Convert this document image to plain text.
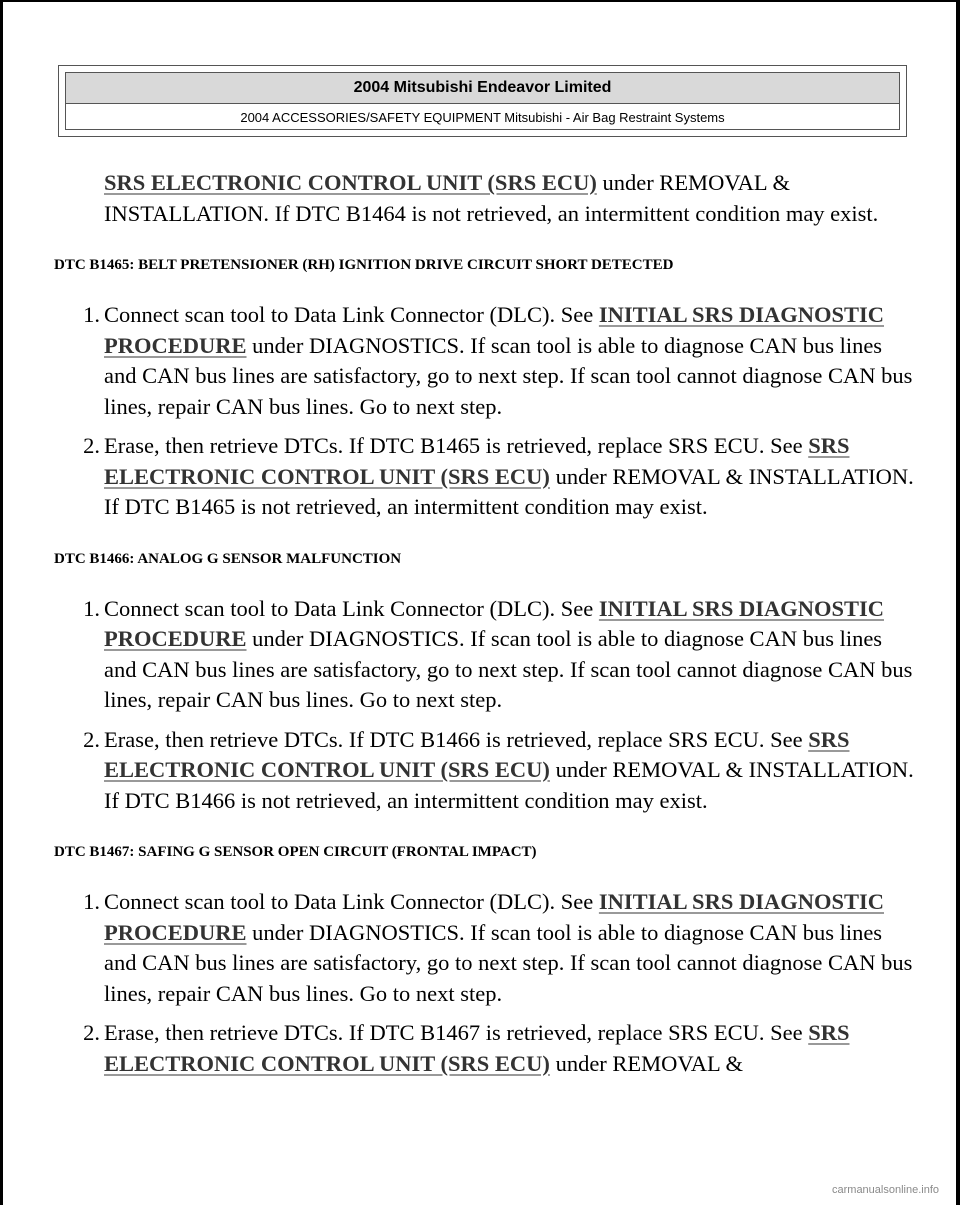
2004 Mitsubishi Endeavor Limited
2004 ACCESSORIES/SAFETY EQUIPMENT Mitsubishi - Air Bag Restraint Systems
SRS ELECTRONIC CONTROL UNIT (SRS ECU) under REMOVAL & INSTALLATION. If DTC B1464 is not retrieved, an intermittent condition may exist.
DTC B1465: BELT PRETENSIONER (RH) IGNITION DRIVE CIRCUIT SHORT DETECTED
1. Connect scan tool to Data Link Connector (DLC). See INITIAL SRS DIAGNOSTIC PROCEDURE under DIAGNOSTICS. If scan tool is able to diagnose CAN bus lines and CAN bus lines are satisfactory, go to next step. If scan tool cannot diagnose CAN bus lines, repair CAN bus lines. Go to next step.
2. Erase, then retrieve DTCs. If DTC B1465 is retrieved, replace SRS ECU. See SRS ELECTRONIC CONTROL UNIT (SRS ECU) under REMOVAL & INSTALLATION. If DTC B1465 is not retrieved, an intermittent condition may exist.
DTC B1466: ANALOG G SENSOR MALFUNCTION
1. Connect scan tool to Data Link Connector (DLC). See INITIAL SRS DIAGNOSTIC PROCEDURE under DIAGNOSTICS. If scan tool is able to diagnose CAN bus lines and CAN bus lines are satisfactory, go to next step. If scan tool cannot diagnose CAN bus lines, repair CAN bus lines. Go to next step.
2. Erase, then retrieve DTCs. If DTC B1466 is retrieved, replace SRS ECU. See SRS ELECTRONIC CONTROL UNIT (SRS ECU) under REMOVAL & INSTALLATION. If DTC B1466 is not retrieved, an intermittent condition may exist.
DTC B1467: SAFING G SENSOR OPEN CIRCUIT (FRONTAL IMPACT)
1. Connect scan tool to Data Link Connector (DLC). See INITIAL SRS DIAGNOSTIC PROCEDURE under DIAGNOSTICS. If scan tool is able to diagnose CAN bus lines and CAN bus lines are satisfactory, go to next step. If scan tool cannot diagnose CAN bus lines, repair CAN bus lines. Go to next step.
2. Erase, then retrieve DTCs. If DTC B1467 is retrieved, replace SRS ECU. See SRS ELECTRONIC CONTROL UNIT (SRS ECU) under REMOVAL &
carmanualsonline.info
